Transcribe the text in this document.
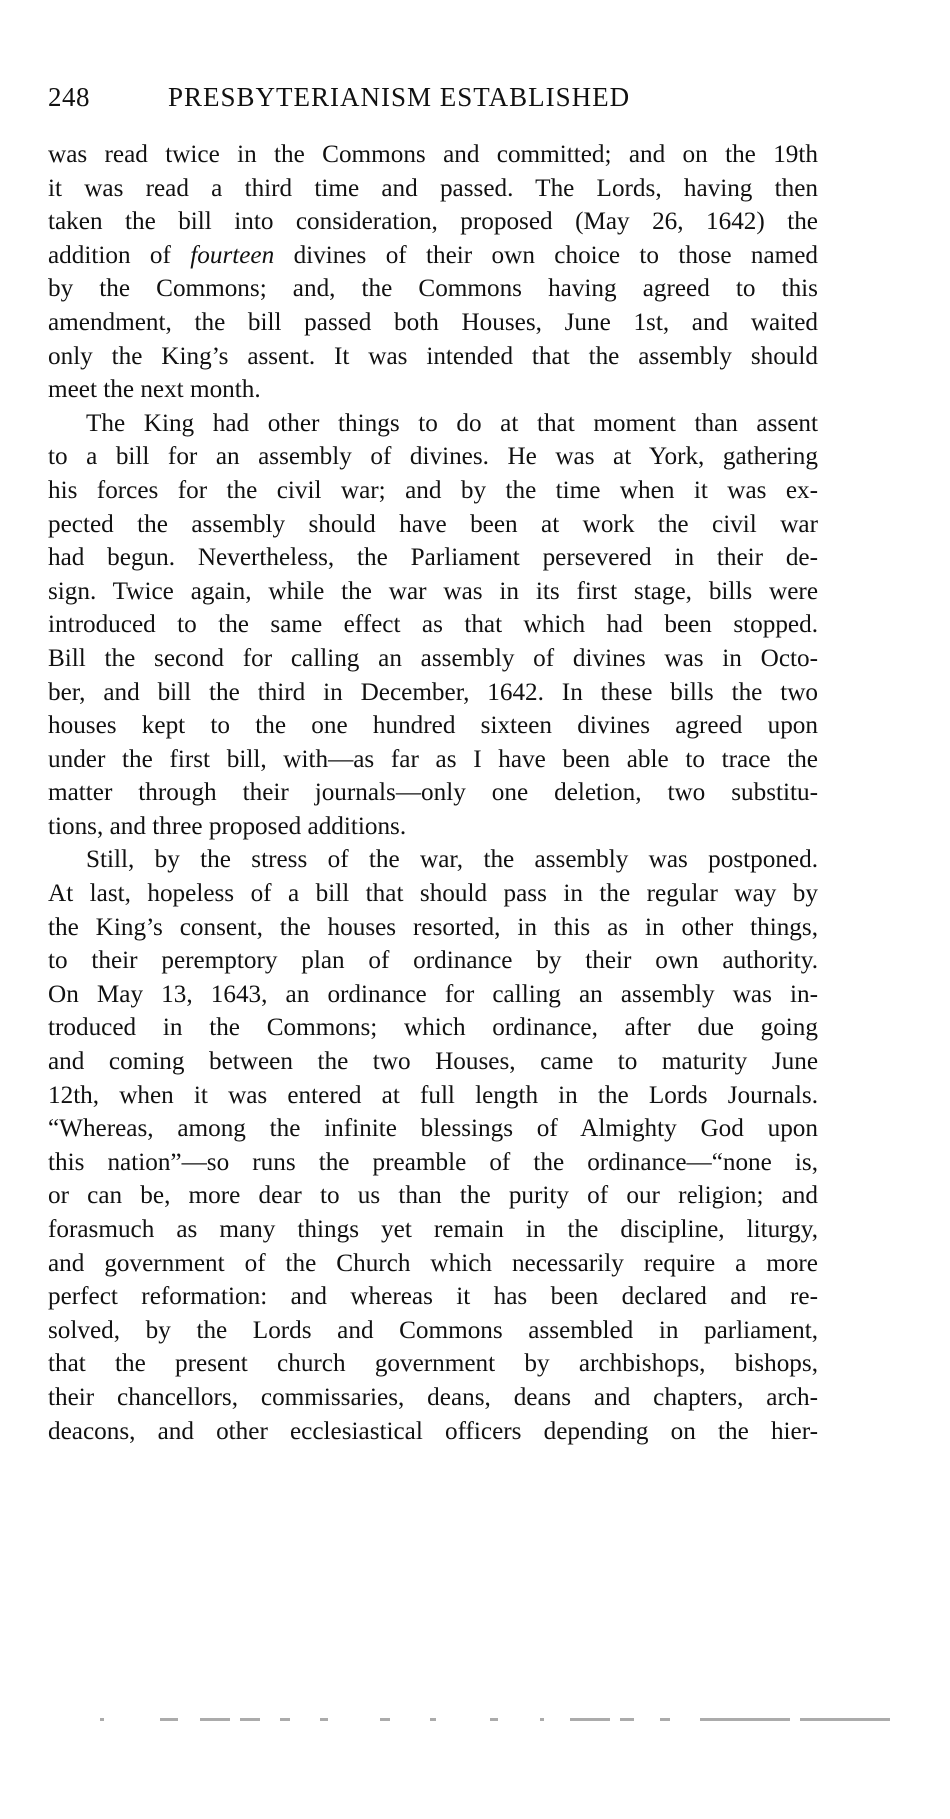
248	PRESBYTERIANISM ESTABLISHED
was read twice in the Commons and committed; and on the 19th
it was read a third time and passed. The Lords, having then
taken the bill into consideration, proposed (May 26, 1642) the
addition of fourteen divines of their own choice to those named
by the Commons; and, the Commons having agreed to this
amendment, the bill passed both Houses, June 1st, and waited
only the King’s assent. It was intended that the assembly should
meet the next month.
The King had other things to do at that moment than assent
to a bill for an assembly of divines. He was at York, gathering
his forces for the civil war; and by the time when it was ex-
pected the assembly should have been at work the civil war
had begun. Nevertheless, the Parliament persevered in their de-
sign. Twice again, while the war was in its first stage, bills were
introduced to the same effect as that which had been stopped.
Bill the second for calling an assembly of divines was in Octo-
ber, and bill the third in December, 1642. In these bills the two
houses kept to the one hundred sixteen divines agreed upon
under the first bill, with—as far as I have been able to trace the
matter through their journals—only one deletion, two substitu-
tions, and three proposed additions.
Still, by the stress of the war, the assembly was postponed.
At last, hopeless of a bill that should pass in the regular way by
the King’s consent, the houses resorted, in this as in other things,
to their peremptory plan of ordinance by their own authority.
On May 13, 1643, an ordinance for calling an assembly was in-
troduced in the Commons; which ordinance, after due going
and coming between the two Houses, came to maturity June
12th, when it was entered at full length in the Lords Journals.
“Whereas, among the infinite blessings of Almighty God upon
this nation”—so runs the preamble of the ordinance—“none is,
or can be, more dear to us than the purity of our religion; and
forasmuch as many things yet remain in the discipline, liturgy,
and government of the Church which necessarily require a more
perfect reformation: and whereas it has been declared and re-
solved, by the Lords and Commons assembled in parliament,
that the present church government by archbishops, bishops,
their chancellors, commissaries, deans, deans and chapters, arch-
deacons, and other ecclesiastical officers depending on the hier-
